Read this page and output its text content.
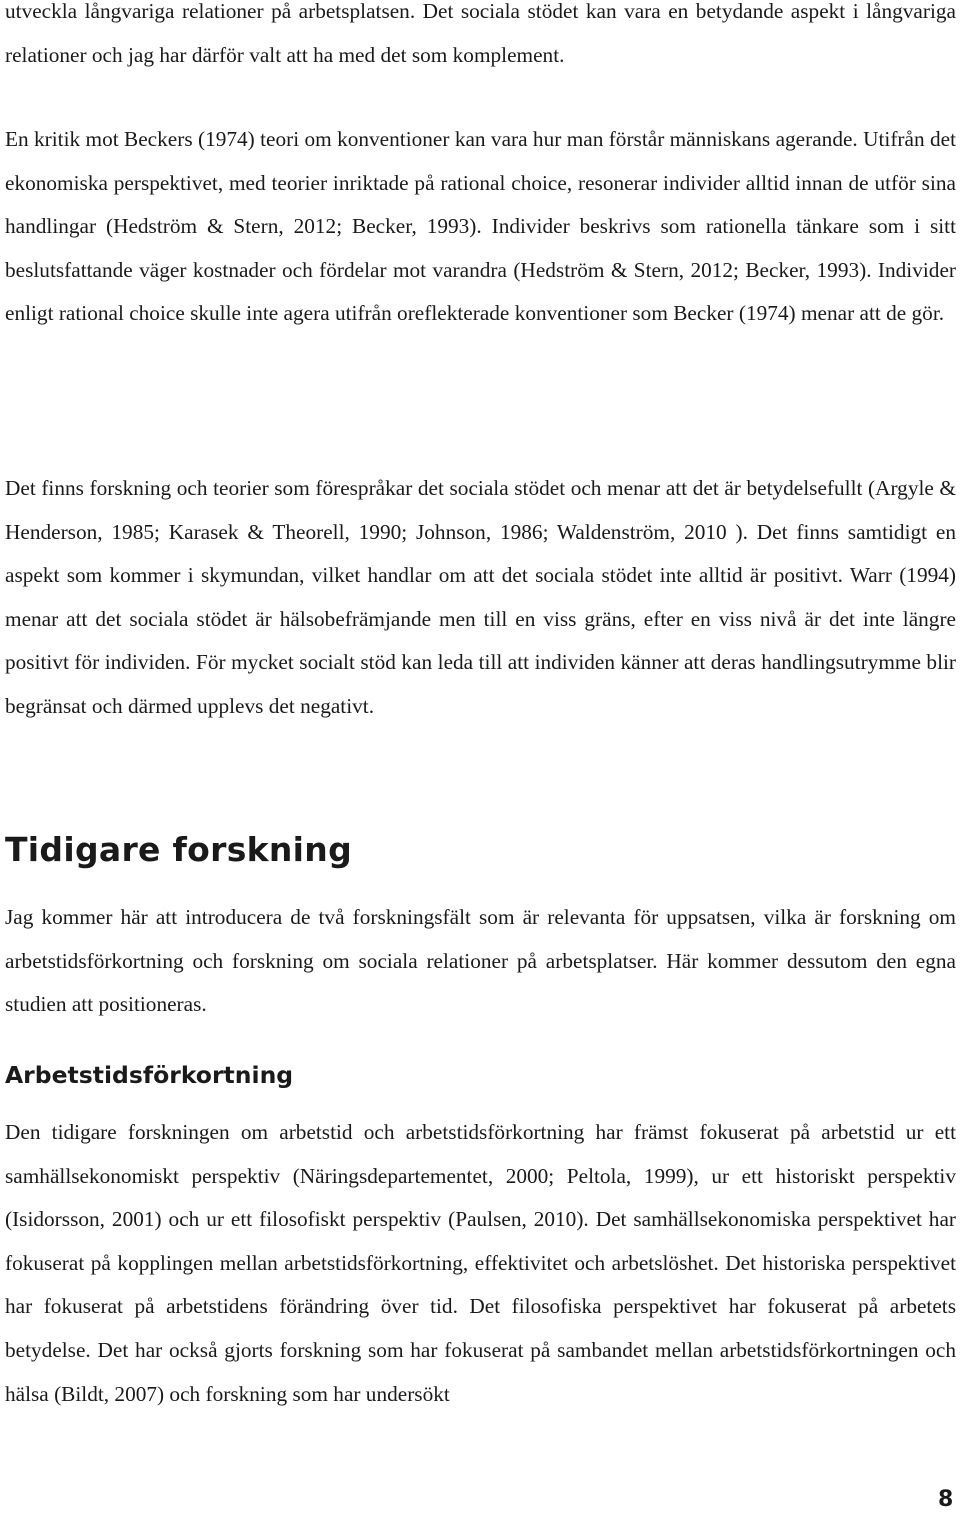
utveckla långvariga relationer på arbetsplatsen. Det sociala stödet kan vara en betydande aspekt i långvariga relationer och jag har därför valt att ha med det som komplement.

En kritik mot Beckers (1974) teori om konventioner kan vara hur man förstår människans agerande. Utifrån det ekonomiska perspektivet, med teorier inriktade på rational choice, resonerar individer alltid innan de utför sina handlingar (Hedström & Stern, 2012; Becker, 1993). Individer beskrivs som rationella tänkare som i sitt beslutsfattande väger kostnader och fördelar mot varandra (Hedström & Stern, 2012; Becker, 1993). Individer enligt rational choice skulle inte agera utifrån oreflekterade konventioner som Becker (1974) menar att de gör.

Det finns forskning och teorier som förespråkar det sociala stödet och menar att det är betydelsefullt (Argyle & Henderson, 1985; Karasek & Theorell, 1990; Johnson, 1986; Waldenström, 2010 ). Det finns samtidigt en aspekt som kommer i skymundan, vilket handlar om att det sociala stödet inte alltid är positivt. Warr (1994) menar att det sociala stödet är hälsobefrämjande men till en viss gräns, efter en viss nivå är det inte längre positivt för individen. För mycket socialt stöd kan leda till att individen känner att deras handlingsutrymme blir begränsat och därmed upplevs det negativt.

Tidigare forskning

Jag kommer här att introducera de två forskningsfält som är relevanta för uppsatsen, vilka är forskning om arbetstidsförkortning och forskning om sociala relationer på arbetsplatser. Här kommer dessutom den egna studien att positioneras.

Arbetstidsförkortning

Den tidigare forskningen om arbetstid och arbetstidsförkortning har främst fokuserat på arbetstid ur ett samhällsekonomiskt perspektiv (Näringsdepartementet, 2000; Peltola, 1999), ur ett historiskt perspektiv (Isidorsson, 2001) och ur ett filosofiskt perspektiv (Paulsen, 2010). Det samhällsekonomiska perspektivet har fokuserat på kopplingen mellan arbetstidsförkortning, effektivitet och arbetslöshet. Det historiska perspektivet har fokuserat på arbetstidens förändring över tid. Det filosofiska perspektivet har fokuserat på arbetets betydelse. Det har också gjorts forskning som har fokuserat på sambandet mellan arbetstidsförkortningen och hälsa (Bildt, 2007) och forskning som har undersökt

8
